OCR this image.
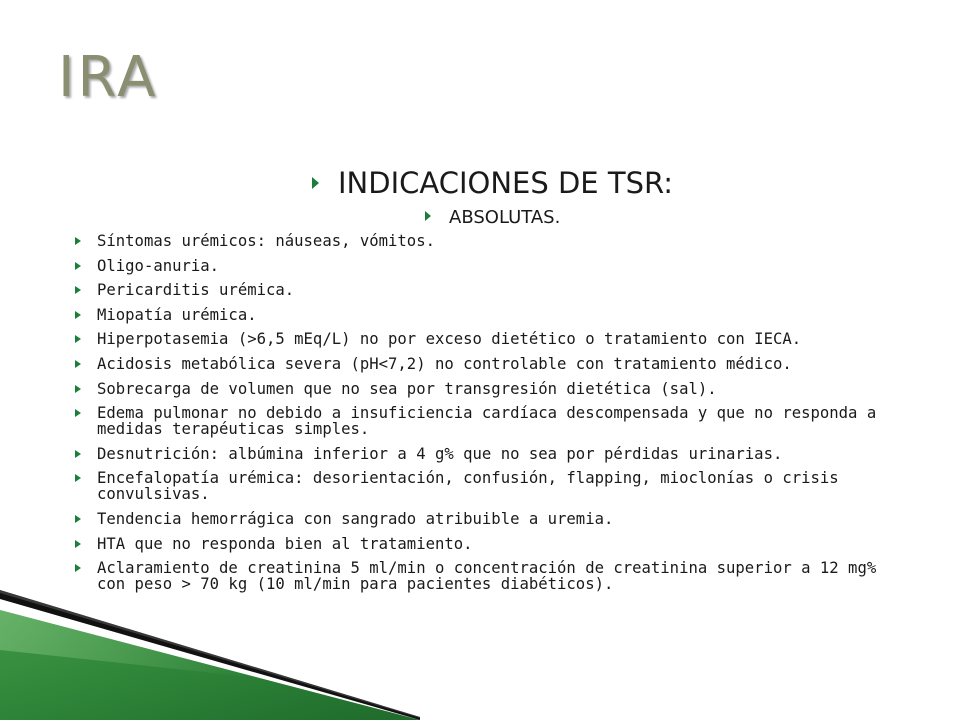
IRA
INDICACIONES DE TSR:
ABSOLUTAS.
Síntomas urémicos: náuseas, vómitos.
Oligo-anuria.
Pericarditis urémica.
Miopatía urémica.
Hiperpotasemia (>6,5 mEq/L) no por exceso dietético o tratamiento con IECA.
Acidosis metabólica severa (pH<7,2) no controlable con tratamiento médico.
Sobrecarga de volumen que no sea por transgresión dietética (sal).
Edema pulmonar no debido a insuficiencia cardíaca descompensada y que no responda a medidas terapéuticas simples.
Desnutrición: albúmina inferior a 4 g% que no sea por pérdidas urinarias.
Encefalopatía urémica: desorientación, confusión, flapping, mioclonías o crisis convulsivas.
Tendencia hemorrágica con sangrado atribuible a uremia.
HTA que no responda bien al tratamiento.
Aclaramiento de creatinina 5 ml/min o concentración de creatinina superior a 12 mg% con peso > 70 kg (10 ml/min para pacientes diabéticos).
